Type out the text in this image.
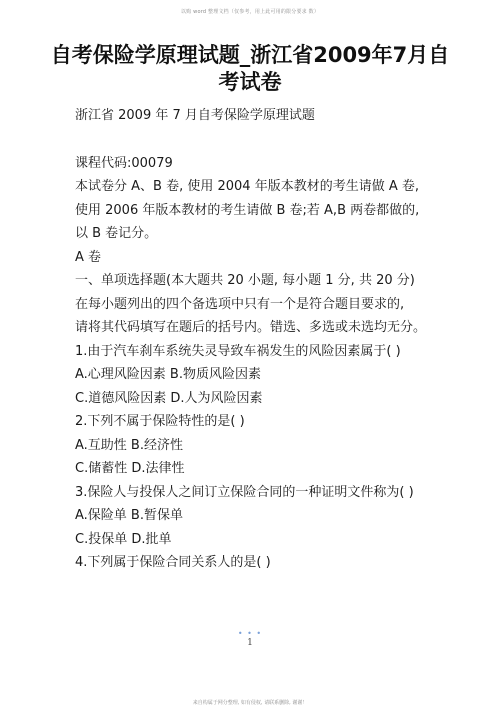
以购 word 整理文档（仅参考，用上此可用的限分要求 数）
自考保险学原理试题_浙江省2009年7月自
考试卷
浙江省 2009 年 7 月自考保险学原理试题
课程代码:00079
本试卷分 A、B 卷, 使用 2004 年版本教材的考生请做 A 卷,
使用 2006 年版本教材的考生请做 B 卷;若 A,B 两卷都做的,
以 B 卷记分。
A 卷
一、单项选择题(本大题共 20 小题, 每小题 1 分, 共 20 分)
在每小题列出的四个备选项中只有一个是符合题目要求的,
请将其代码填写在题后的括号内。错选、多选或未选均无分。
1.由于汽车刹车系统失灵导致车祸发生的风险因素属于( )
A.心理风险因素 B.物质风险因素
C.道德风险因素 D.人为风险因素
2.下列不属于保险特性的是( )
A.互助性 B.经济性
C.储蓄性 D.法律性
3.保险人与投保人之间订立保险合同的一种证明文件称为( )
A.保险单 B.暂保单
C.投保单 D.批单
4.下列属于保险合同关系人的是( )
• • •
1
来自构属于网分整理, 如有侵权, 请联系删除, 谢谢！
